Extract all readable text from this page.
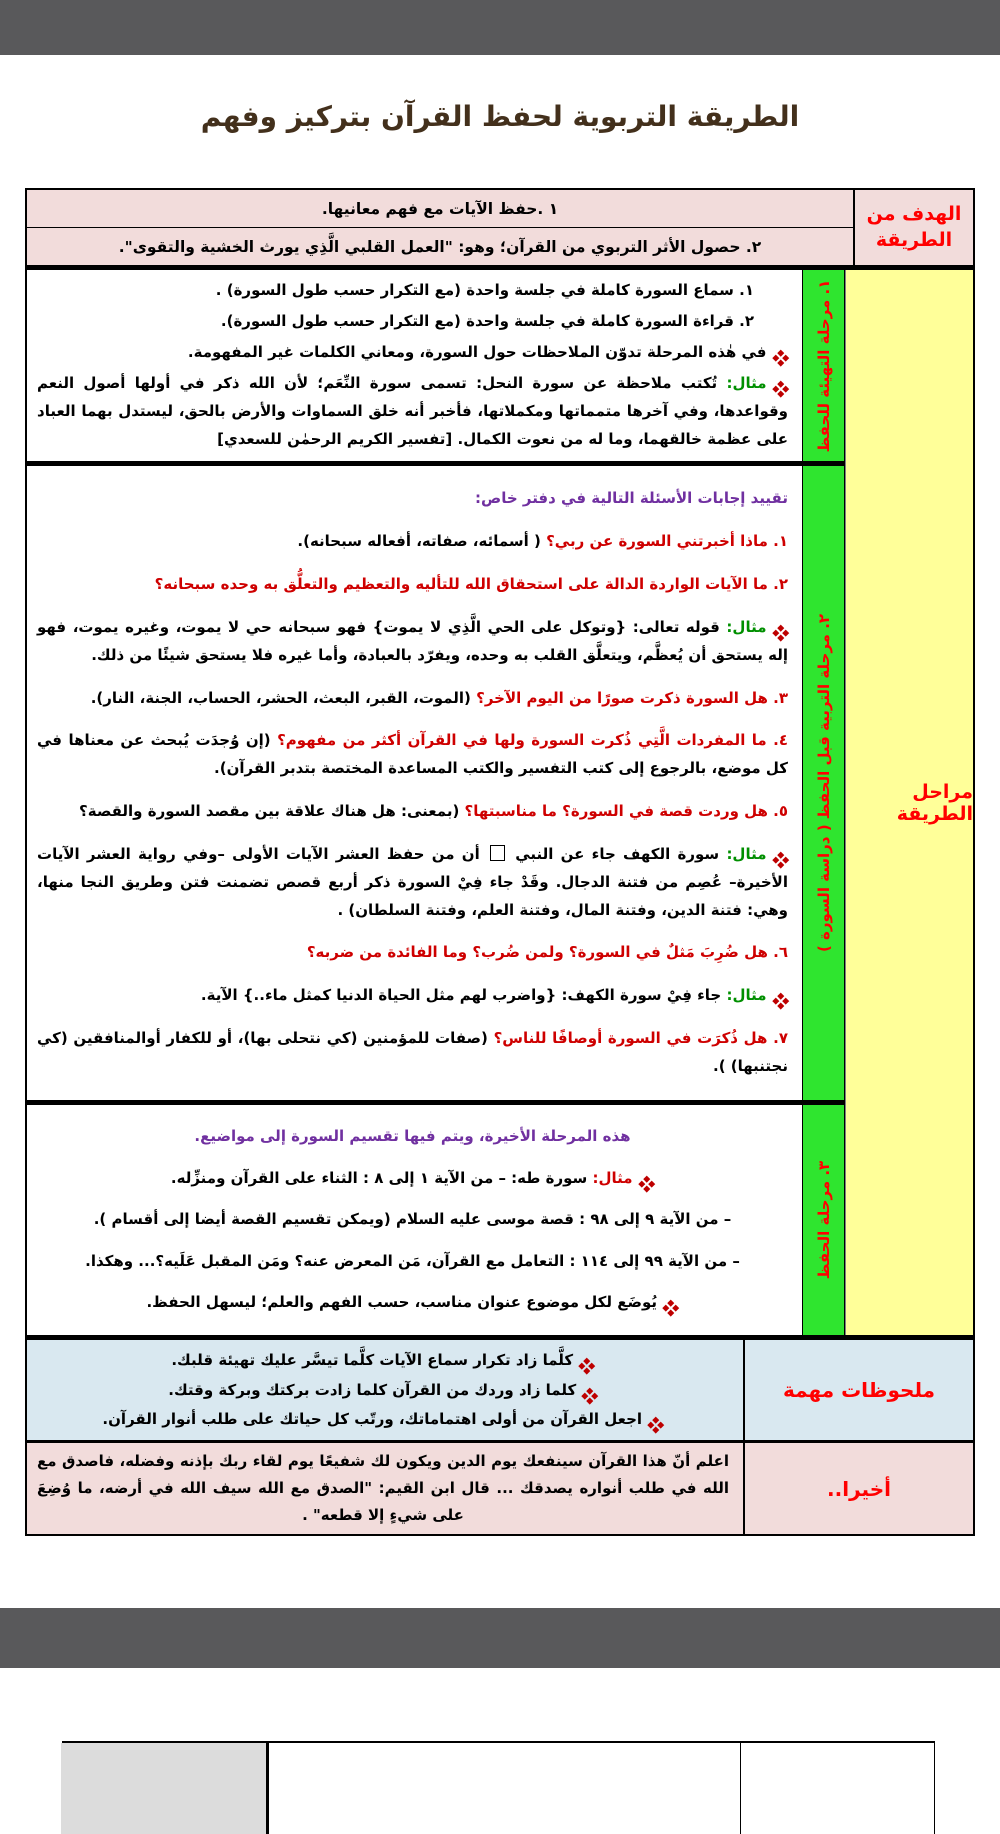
الطريقة التربوية لحفظ القرآن بتركيز وفهم
الهدف من الطريقة
١ .حفظ الآيات مع فهم معانيها.
٢. حصول الأثر التربوي من القرآن؛ وهو: "العمل القلبي الَّذِي يورث الخشية والتقوى".
مراحل الطريقة
١. مرحلة التهيئة للحفظ
١. سماع السورة كاملة في جلسة واحدة (مع التكرار حسب طول السورة) .
٢. قراءة السورة كاملة في جلسة واحدة (مع التكرار حسب طول السورة).
في هٰذه المرحلة تدوّن الملاحظات حول السورة، ومعاني الكلمات غير المفهومة.
مثال: تُكتب ملاحظة عن سورة النحل: تسمى سورة النِّعَم؛ لأن الله ذكر في أولها أصول النعم وقواعدها، وفي آخرها متمماتها ومكملاتها، فأخبر أنه خلق السماوات والأرض بالحق، ليستدل بهما العباد على عظمة خالقهما، وما له من نعوت الكمال. [تفسير الكريم الرحمٰن للسعدي]
٢. مرحلة التربية قبل الحفظ ( دراسة السورة )
تقييد إجابات الأسئلة التالية في دفتر خاص:
١. ماذا أخبرتني السورة عن ربي؟ ( أسمائه، صفاته، أفعاله سبحانه).
٢. ما الآيات الواردة الدالة على استحقاق الله للتأليه والتعظيم والتعلُّق به وحده سبحانه؟
مثال: قوله تعالى: {وتوكل على الحي الَّذِي لا يموت} فهو سبحانه حي لا يموت، وغيره يموت، فهو إله يستحق أن يُعظَّم، ويتعلَّق القلب به وحده، ويفرّد بالعبادة، وأما غيره فلا يستحق شيئًا من ذلك.
٣. هل السورة ذكرت صورًا من اليوم الآخر؟ (الموت، القبر، البعث، الحشر، الحساب، الجنة، النار).
٤. ما المفردات الَّتِي ذُكرت السورة ولها في القرآن أكثر من مفهوم؟ (إن وُجدَت يُبحث عن معناها في كل موضع، بالرجوع إلى كتب التفسير والكتب المساعدة المختصة بتدبر القرآن).
٥. هل وردت قصة في السورة؟ ما مناسبتها؟ (بمعنى: هل هناك علاقة بين مقصد السورة والقصة؟
مثال: سورة الكهف جاء عن النبي  أن من حفظ العشر الآيات الأولى –وفي رواية العشر الآيات الأخيرة– عُصِم من فتنة الدجال. وقَدْ جاء فِيْ السورة ذكر أربع قصص تضمنت فتن وطريق النجا منها، وهي: فتنة الدين، وفتنة المال، وفتنة العلم، وفتنة السلطان) .
٦. هل ضُرِبَ مَثلٌ في السورة؟ ولمن ضُرب؟ وما الفائدة من ضربه؟
مثال: جاء فِيْ سورة الكهف: {واضرب لهم مثل الحياة الدنيا كمثل ماء..} الآية.
٧. هل ذُكرَت في السورة أوصافًا للناس؟ (صفات للمؤمنين (كي نتحلى بها)، أو للكفار أوالمنافقين (كي نجتنبها) ).
٣. مرحلة الحفظ
هذه المرحلة الأخيرة، ويتم فيها تقسيم السورة إلى مواضيع.
مثال: سورة طه: – من الآية ١ إلى ٨ : الثناء على القرآن ومنزِّله.
– من الآية ٩ إلى ٩٨ : قصة موسى عليه السلام (ويمكن تقسيم القصة أيضا إلى أقسام ).
– من الآية ٩٩ إلى ١١٤ : التعامل مع القرآن، مَن المعرض عنه؟ ومَن المقبل عَلَيه؟... وهكذا.
يُوضَع لكل موضوع عنوان مناسب، حسب الفهم والعلم؛ ليسهل الحفظ.
ملحوظات مهمة
كلَّما زاد تكرار سماع الآيات كلَّما تيسَّر عليك تهيئة قلبك.
كلما زاد وردك من القرآن كلما زادت بركتك وبركة وقتك.
اجعل القرآن من أولى اهتماماتك، ورتّب كل حياتك على طلب أنوار القرآن.
أخيرا..
اعلم أنّ هذا القرآن سينفعك يوم الدين ويكون لك شفيعًا يوم لقاء ربك بإذنه وفضله، فاصدق مع الله في طلب أنواره يصدقك ... قال ابن القيم: "الصدق مع الله سيف الله في أرضه، ما وُضِعَ على شيءٍ إلا قطعه" .
